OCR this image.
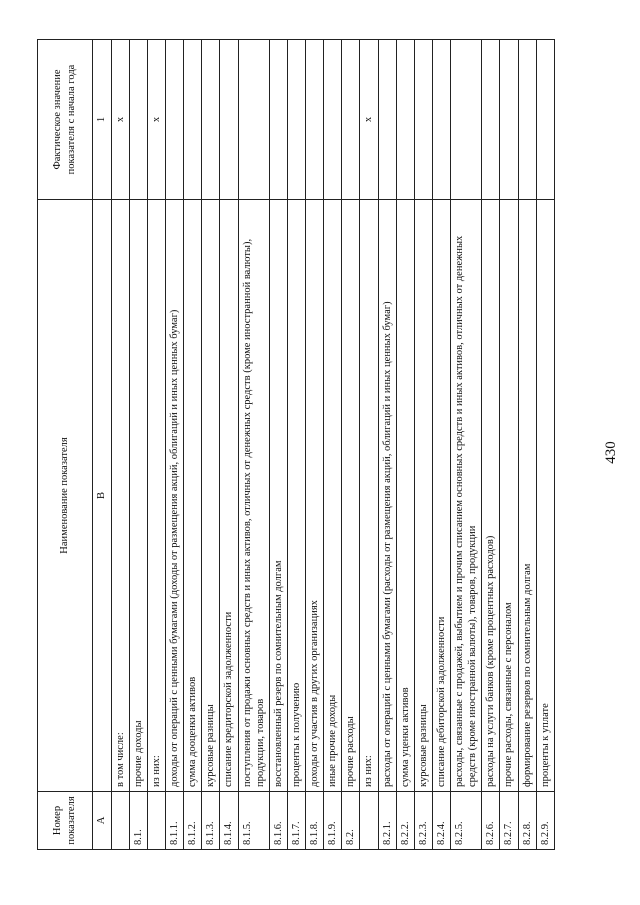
430
Номер показателя	Наименование показателя	Фактическое значение показателя с начала года
А	В	1
	в том числе:	х
8.1.	прочие доходы	
	из них:	х
8.1.1.	доходы от операций с ценными бумагами (доходы от размещения акций, облигаций и иных ценных бумаг)	
8.1.2.	сумма дооценки активов	
8.1.3.	курсовые разницы	
8.1.4.	списание кредиторской задолженности	
8.1.5.	поступления от продажи основных средств и иных активов, отличных от денежных средств (кроме иностранной валюты), продукции, товаров	
8.1.6.	восстановленный резерв по сомнительным долгам	
8.1.7.	проценты к получению	
8.1.8.	доходы от участия в других организациях	
8.1.9.	иные прочие доходы	
8.2.	прочие расходы	
	из них:	х
8.2.1.	расходы от операций с ценными бумагами (расходы от размещения акций, облигаций и иных ценных бумаг)	
8.2.2.	сумма уценки активов	
8.2.3.	курсовые разницы	
8.2.4.	списание дебиторской задолженности	
8.2.5.	расходы, связанные с продажей, выбытием и прочим списанием основных средств и иных активов, отличных от денежных средств (кроме иностранной валюты), товаров, продукции	
8.2.6.	расходы на услуги банков (кроме процентных расходов)	
8.2.7.	прочие расходы, связанные с персоналом	
8.2.8.	формирование резервов по сомнительным долгам	
8.2.9.	проценты к уплате	
